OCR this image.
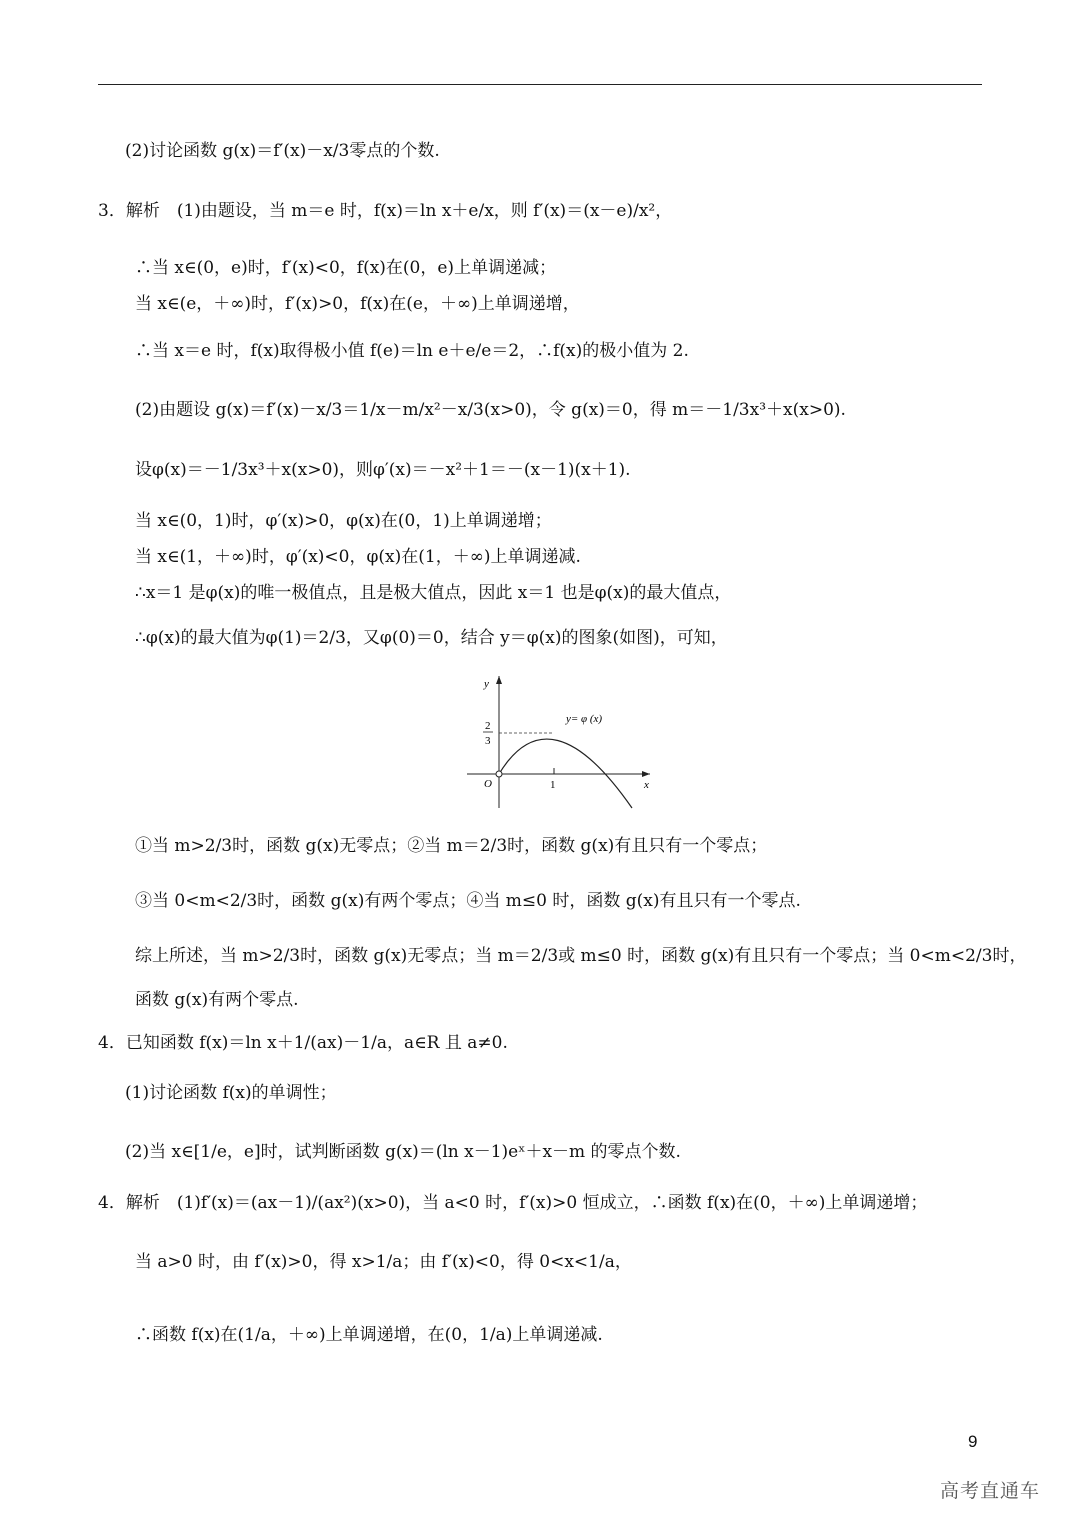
(2)讨论函数 g(x)＝f′(x)－x/3零点的个数.
3．解析　(1)由题设，当 m＝e 时，f(x)＝ln x＋e/x，则 f′(x)＝(x－e)/x²，
∴当 x∈(0，e)时，f′(x)<0，f(x)在(0，e)上单调递减；
当 x∈(e，＋∞)时，f′(x)>0，f(x)在(e，＋∞)上单调递增，
∴当 x＝e 时，f(x)取得极小值 f(e)＝ln e＋e/e＝2，∴f(x)的极小值为 2.
(2)由题设 g(x)＝f′(x)－x/3＝1/x－m/x²－x/3(x>0)，令 g(x)＝0，得 m＝－1/3x³＋x(x>0).
设φ(x)＝－1/3x³＋x(x>0)，则φ′(x)＝－x²＋1＝－(x－1)(x＋1).
当 x∈(0，1)时，φ′(x)>0，φ(x)在(0，1)上单调递增；
当 x∈(1，＋∞)时，φ′(x)<0，φ(x)在(1，＋∞)上单调递减.
∴x＝1 是φ(x)的唯一极值点，且是极大值点，因此 x＝1 也是φ(x)的最大值点，
∴φ(x)的最大值为φ(1)＝2/3，又φ(0)＝0，结合 y＝φ(x)的图象(如图)，可知，
y
x
O	1
2
3
y= φ (x)
①当 m>2/3时，函数 g(x)无零点；②当 m＝2/3时，函数 g(x)有且只有一个零点；
③当 0<m<2/3时，函数 g(x)有两个零点；④当 m≤0 时，函数 g(x)有且只有一个零点.
综上所述，当 m>2/3时，函数 g(x)无零点；当 m＝2/3或 m≤0 时，函数 g(x)有且只有一个零点；当 0<m<2/3时，
函数 g(x)有两个零点.
4．已知函数 f(x)＝ln x＋1/(ax)－1/a，a∈R 且 a≠0.
(1)讨论函数 f(x)的单调性；
(2)当 x∈[1/e，e]时，试判断函数 g(x)＝(ln x－1)eˣ＋x－m 的零点个数.
4．解析　(1)f′(x)＝(ax－1)/(ax²)(x>0)，当 a<0 时，f′(x)>0 恒成立，∴函数 f(x)在(0，＋∞)上单调递增；
当 a>0 时，由 f′(x)>0，得 x>1/a；由 f′(x)<0，得 0<x<1/a，
∴函数 f(x)在(1/a，＋∞)上单调递增，在(0，1/a)上单调递减.
9
高考直通车
